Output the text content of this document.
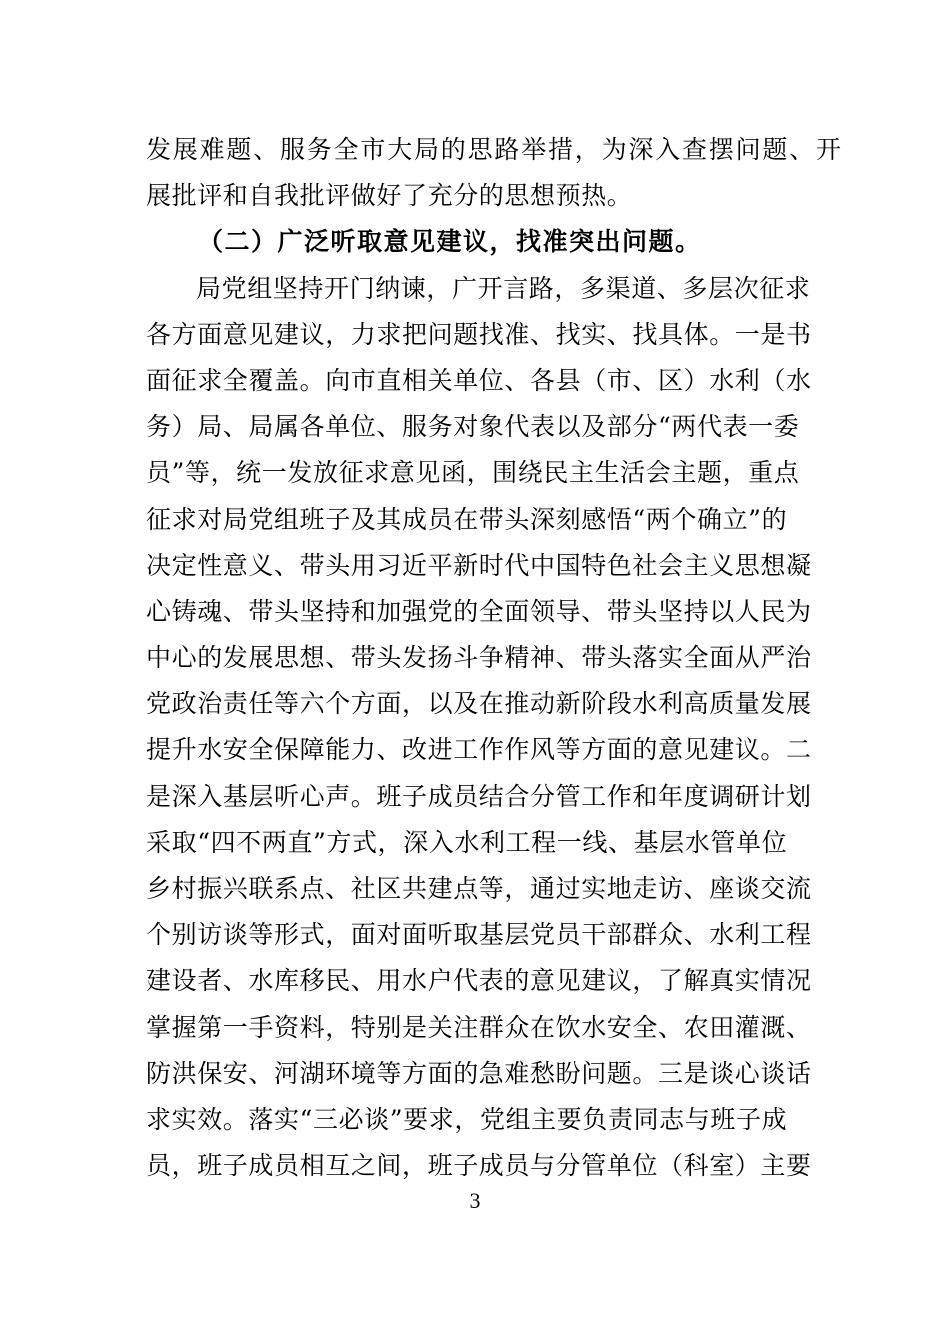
发展难题、服务全市大局的思路举措，为深入查摆问题、开
展批评和自我批评做好了充分的思想预热。
（二）广泛听取意见建议，找准突出问题。
局党组坚持开门纳谏，广开言路，多渠道、多层次征求
各方面意见建议，力求把问题找准、找实、找具体。一是书
面征求全覆盖。向市直相关单位、各县（市、区）水利（水
务）局、局属各单位、服务对象代表以及部分“两代表一委
员”等，统一发放征求意见函，围绕民主生活会主题，重点
征求对局党组班子及其成员在带头深刻感悟“两个确立”的
决定性意义、带头用习近平新时代中国特色社会主义思想凝
心铸魂、带头坚持和加强党的全面领导、带头坚持以人民为
中心的发展思想、带头发扬斗争精神、带头落实全面从严治
党政治责任等六个方面，以及在推动新阶段水利高质量发展
提升水安全保障能力、改进工作作风等方面的意见建议。二
是深入基层听心声。班子成员结合分管工作和年度调研计划
采取“四不两直”方式，深入水利工程一线、基层水管单位
乡村振兴联系点、社区共建点等，通过实地走访、座谈交流
个别访谈等形式，面对面听取基层党员干部群众、水利工程
建设者、水库移民、用水户代表的意见建议，了解真实情况
掌握第一手资料，特别是关注群众在饮水安全、农田灌溉、
防洪保安、河湖环境等方面的急难愁盼问题。三是谈心谈话
求实效。落实“三必谈”要求，党组主要负责同志与班子成
员，班子成员相互之间，班子成员与分管单位（科室）主要
3
